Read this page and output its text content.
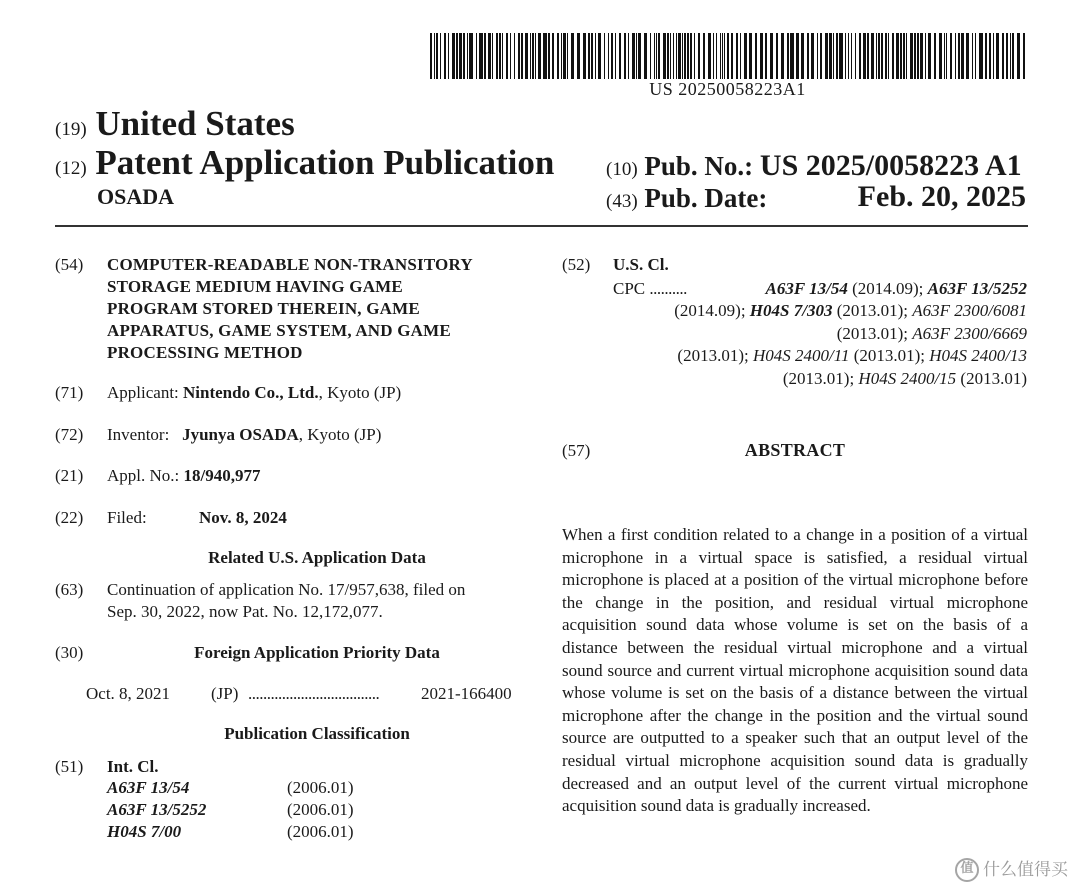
US 20250058223A1
(19) United States
(12) Patent Application Publication
OSADA
(10) Pub. No.: US 2025/0058223 A1
(43) Pub. Date:	Feb. 20, 2025
(54) COMPUTER-READABLE NON-TRANSITORY
STORAGE MEDIUM HAVING GAME
PROGRAM STORED THEREIN, GAME
APPARATUS, GAME SYSTEM, AND GAME
PROCESSING METHOD
(71) Applicant: Nintendo Co., Ltd., Kyoto (JP)
(72) Inventor: Jyunya OSADA, Kyoto (JP)
(21) Appl. No.: 18/940,977
(22) Filed:	Nov. 8, 2024
Related U.S. Application Data
(63) Continuation of application No. 17/957,638, filed on
Sep. 30, 2022, now Pat. No. 12,172,077.
(30)	Foreign Application Priority Data
Oct. 8, 2021 (JP) ................................... 2021-166400
Publication Classification
(51) Int. Cl.
A63F 13/54	(2006.01)
A63F 13/5252	(2006.01)
H04S 7/00	(2006.01)
(52) U.S. Cl.

CPC ..........	A63F 13/54 (2014.09); A63F 13/5252

(2014.09); H04S 7/303 (2013.01); A63F 2300/6081

(2013.01); A63F 2300/6669

(2013.01); H04S 2400/11 (2013.01); H04S 2400/13

(2013.01); H04S 2400/15 (2013.01)

(57)	ABSTRACT
When a first condition related to a change in a position of a virtual microphone in a virtual space is satisfied, a residual virtual microphone is placed at a position of the virtual microphone before the change in the position, and residual virtual microphone acquisition sound data whose volume is set on the basis of a distance between the residual virtual microphone and a virtual sound source and current virtual microphone acquisition sound data whose volume is set on the basis of a distance between the virtual microphone after the change in the position and the virtual sound source are outputted to a speaker such that an output level of the residual virtual microphone acquisition sound data is gradually decreased and an output level of the current virtual microphone acquisition sound data is gradually increased.
值 什么值得买
